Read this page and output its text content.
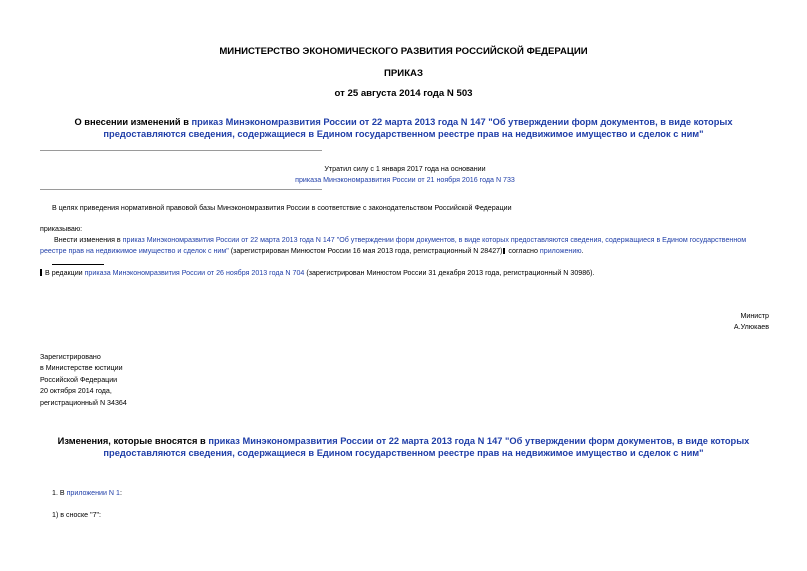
МИНИСТЕРСТВО ЭКОНОМИЧЕСКОГО РАЗВИТИЯ РОССИЙСКОЙ ФЕДЕРАЦИИ
ПРИКАЗ
от 25 августа 2014 года N 503
О внесении изменений в приказ Минэкономразвития России от 22 марта 2013 года N 147 "Об утверждении форм документов, в виде которых предоставляются сведения, содержащиеся в Едином государственном реестре прав на недвижимое имущество и сделок с ним"
Утратил силу с 1 января 2017 года на основании
приказа Минэкономразвития России от 21 ноября 2016 года N 733
В целях приведения нормативной правовой базы Минэкономразвития России в соответствие с законодательством Российской Федерации
приказываю:
Внести изменения в приказ Минэкономразвития России от 22 марта 2013 года N 147 "Об утверждении форм документов, в виде которых предоставляются сведения, содержащиеся в Едином государственном реестре прав на недвижимое имущество и сделок с ним" (зарегистрирован Минюстом России 16 мая 2013 года, регистрационный N 28427) согласно приложению.
В редакции приказа Минэкономразвития России от 26 ноября 2013 года N 704 (зарегистрирован Минюстом России 31 декабря 2013 года, регистрационный N 30986).
Министр
А.Улюкаев
Зарегистрировано
в Министерстве юстиции
Российской Федерации
20 октября 2014 года,
регистрационный N 34364
Изменения, которые вносятся в приказ Минэкономразвития России от 22 марта 2013 года N 147 "Об утверждении форм документов, в виде которых предоставляются сведения, содержащиеся в Едином государственном реестре прав на недвижимое имущество и сделок с ним"
1. В приложении N 1:
1) в сноске "7":
